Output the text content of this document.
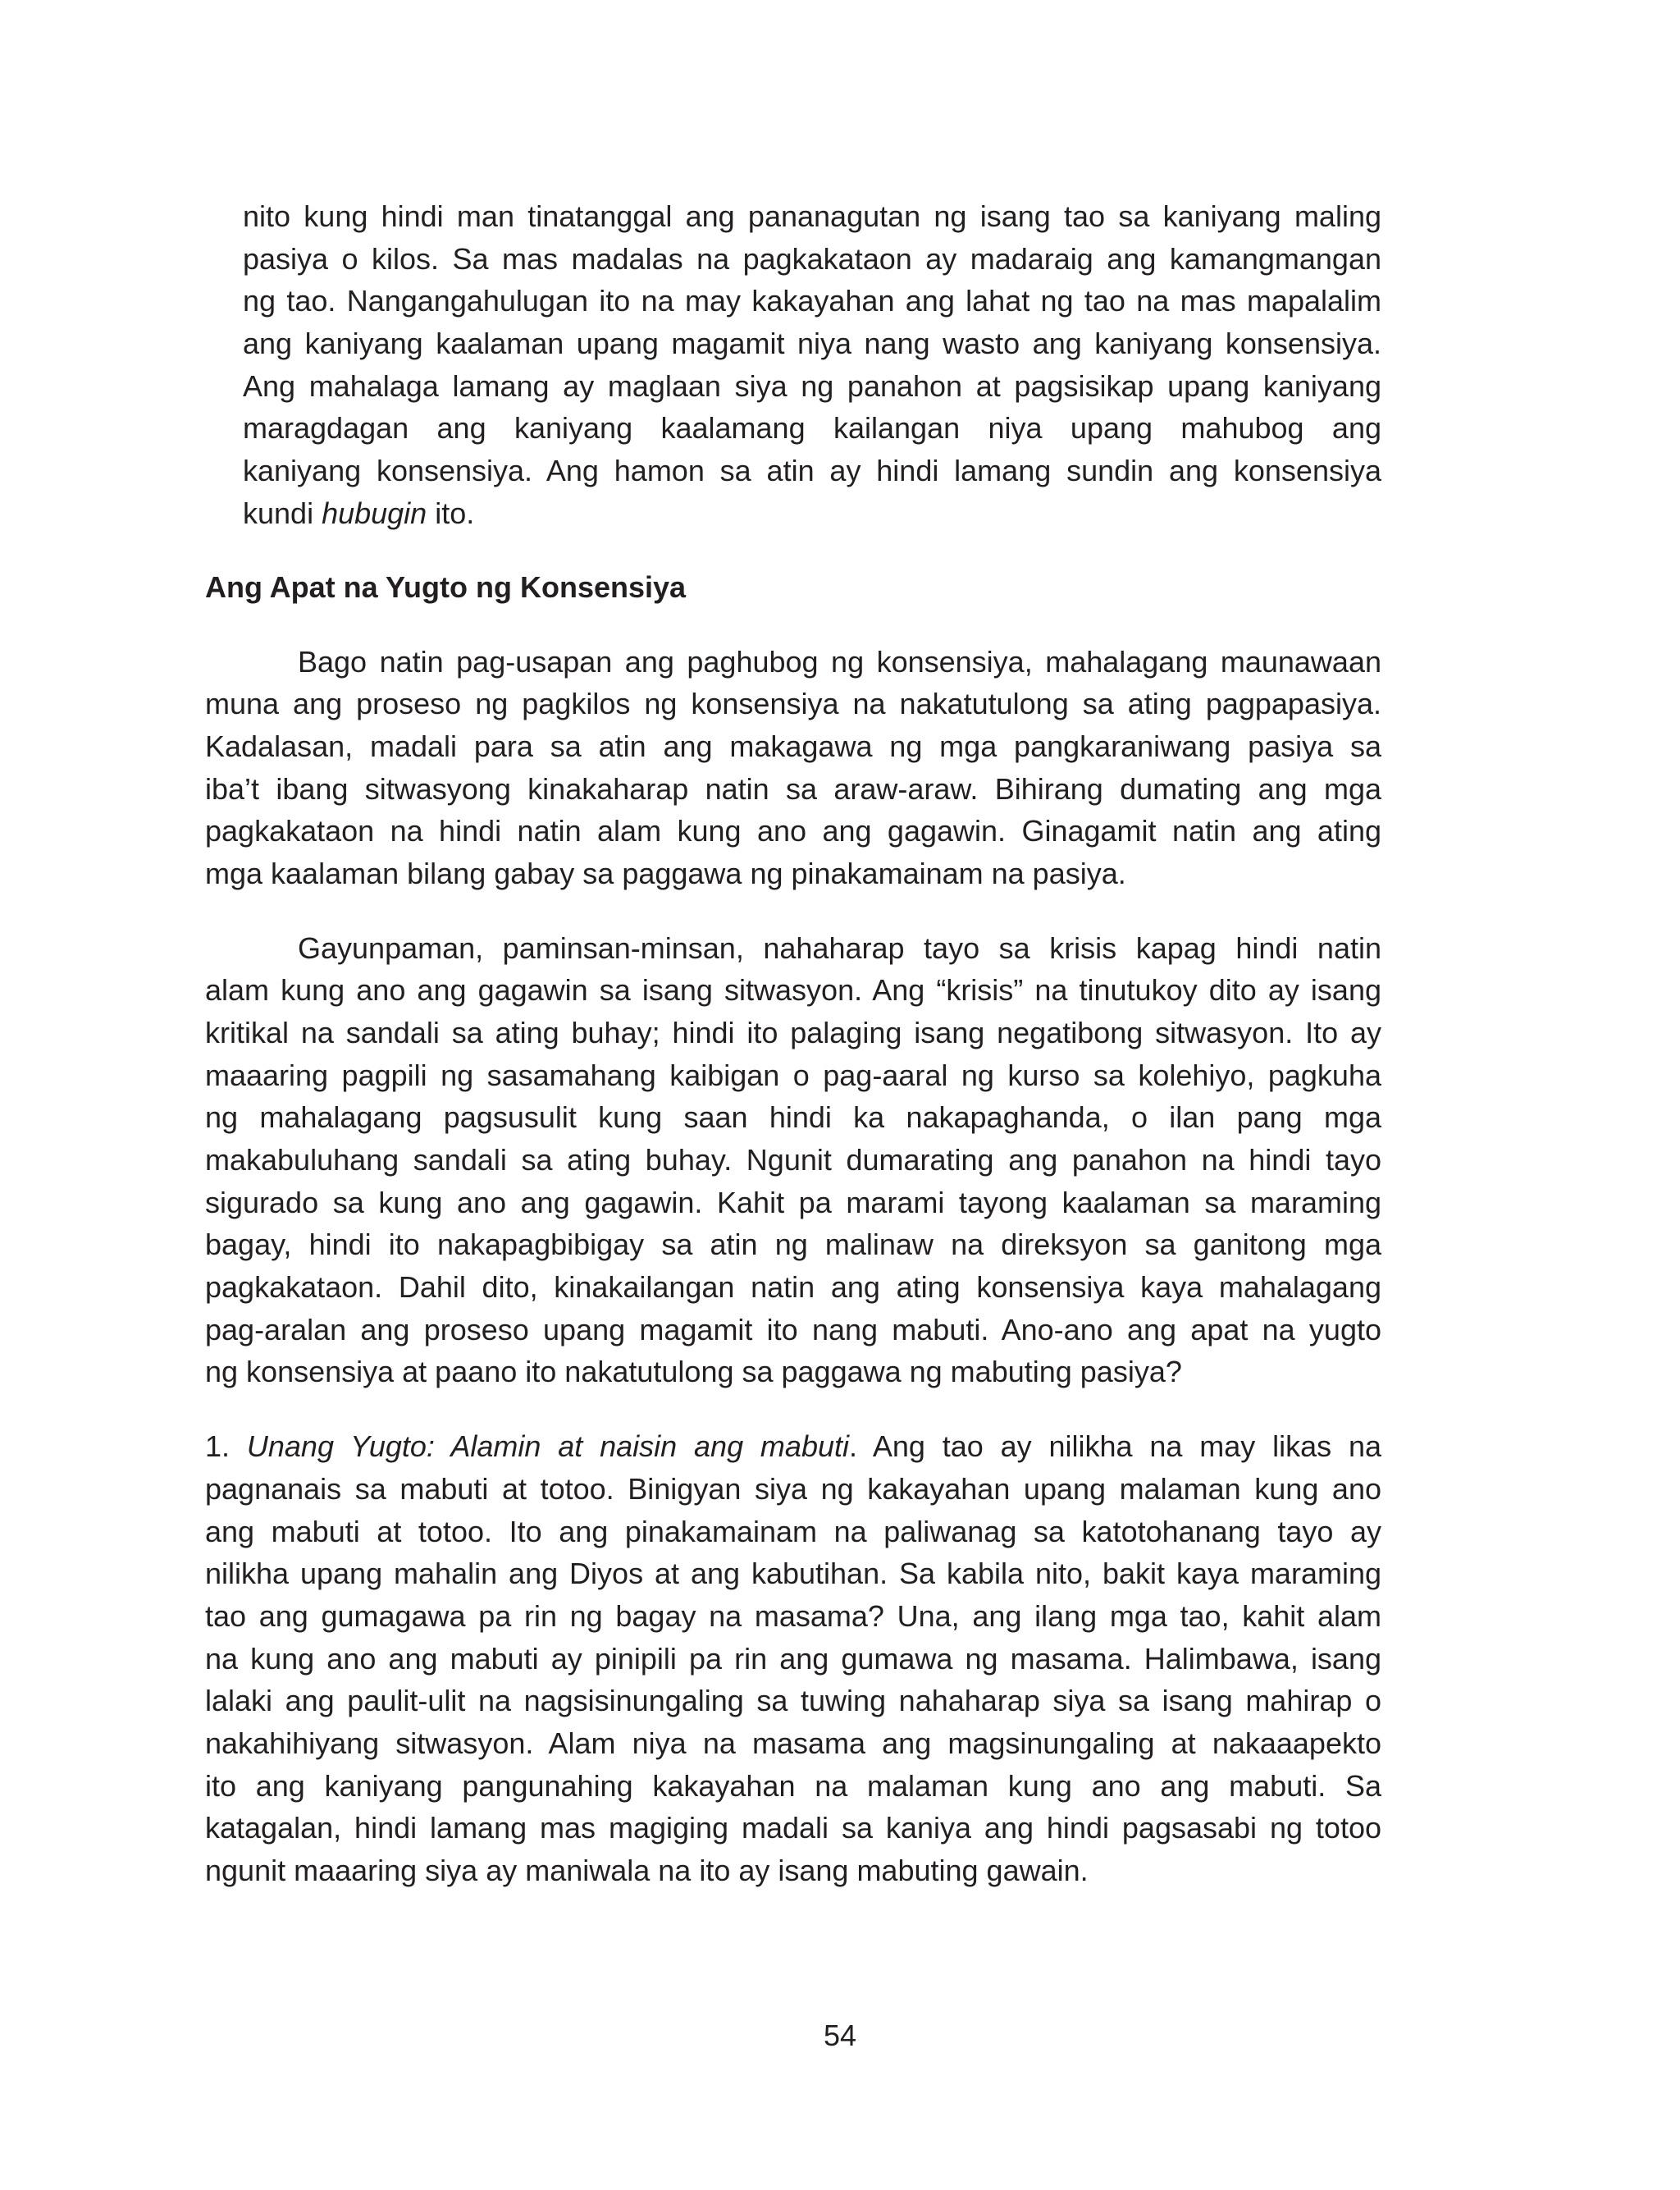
nito kung hindi man tinatanggal ang pananagutan ng isang tao sa kaniyang maling

pasiya o kilos. Sa mas madalas na pagkakataon ay madaraig ang kamangmangan

ng tao. Nangangahulugan ito na may kakayahan ang lahat ng tao na mas mapalalim

ang kaniyang kaalaman upang magamit niya nang wasto ang kaniyang konsensiya.

Ang mahalaga lamang ay maglaan siya ng panahon at pagsisikap upang kaniyang

maragdagan ang kaniyang kaalamang kailangan niya upang mahubog ang

kaniyang konsensiya. Ang hamon sa atin ay hindi lamang sundin ang konsensiya

kundi hubugin ito.

Ang Apat na Yugto ng Konsensiya

Bago natin pag-usapan ang paghubog ng konsensiya, mahalagang maunawaan

muna ang proseso ng pagkilos ng konsensiya na nakatutulong sa ating pagpapasiya.

Kadalasan, madali para sa atin ang makagawa ng mga pangkaraniwang pasiya sa

iba’t ibang sitwasyong kinakaharap natin sa araw-araw. Bihirang dumating ang mga

pagkakataon na hindi natin alam kung ano ang gagawin. Ginagamit natin ang ating

mga kaalaman bilang gabay sa paggawa ng pinakamainam na pasiya.

Gayunpaman, paminsan-minsan, nahaharap tayo sa krisis kapag hindi natin

alam kung ano ang gagawin sa isang sitwasyon. Ang “krisis” na tinutukoy dito ay isang

kritikal na sandali sa ating buhay; hindi ito palaging isang negatibong sitwasyon. Ito ay

maaaring pagpili ng sasamahang kaibigan o pag-aaral ng kurso sa kolehiyo, pagkuha

ng mahalagang pagsusulit kung saan hindi ka nakapaghanda, o ilan pang mga

makabuluhang sandali sa ating buhay. Ngunit dumarating ang panahon na hindi tayo

sigurado sa kung ano ang gagawin. Kahit pa marami tayong kaalaman sa maraming

bagay, hindi ito nakapagbibigay sa atin ng malinaw na direksyon sa ganitong mga

pagkakataon. Dahil dito, kinakailangan natin ang ating konsensiya kaya mahalagang

pag-aralan ang proseso upang magamit ito nang mabuti. Ano-ano ang apat na yugto

ng konsensiya at paano ito nakatutulong sa paggawa ng mabuting pasiya?

1. Unang Yugto: Alamin at naisin ang mabuti. Ang tao ay nilikha na may likas na

pagnanais sa mabuti at totoo. Binigyan siya ng kakayahan upang malaman kung ano

ang mabuti at totoo. Ito ang pinakamainam na paliwanag sa katotohanang tayo ay

nilikha upang mahalin ang Diyos at ang kabutihan. Sa kabila nito, bakit kaya maraming

tao ang gumagawa pa rin ng bagay na masama? Una, ang ilang mga tao, kahit alam

na kung ano ang mabuti ay pinipili pa rin ang gumawa ng masama. Halimbawa, isang

lalaki ang paulit-ulit na nagsisinungaling sa tuwing nahaharap siya sa isang mahirap o

nakahihiyang sitwasyon. Alam niya na masama ang magsinungaling at nakaaapekto

ito ang kaniyang pangunahing kakayahan na malaman kung ano ang mabuti. Sa

katagalan, hindi lamang mas magiging madali sa kaniya ang hindi pagsasabi ng totoo

ngunit maaaring siya ay maniwala na ito ay isang mabuting gawain.

54
